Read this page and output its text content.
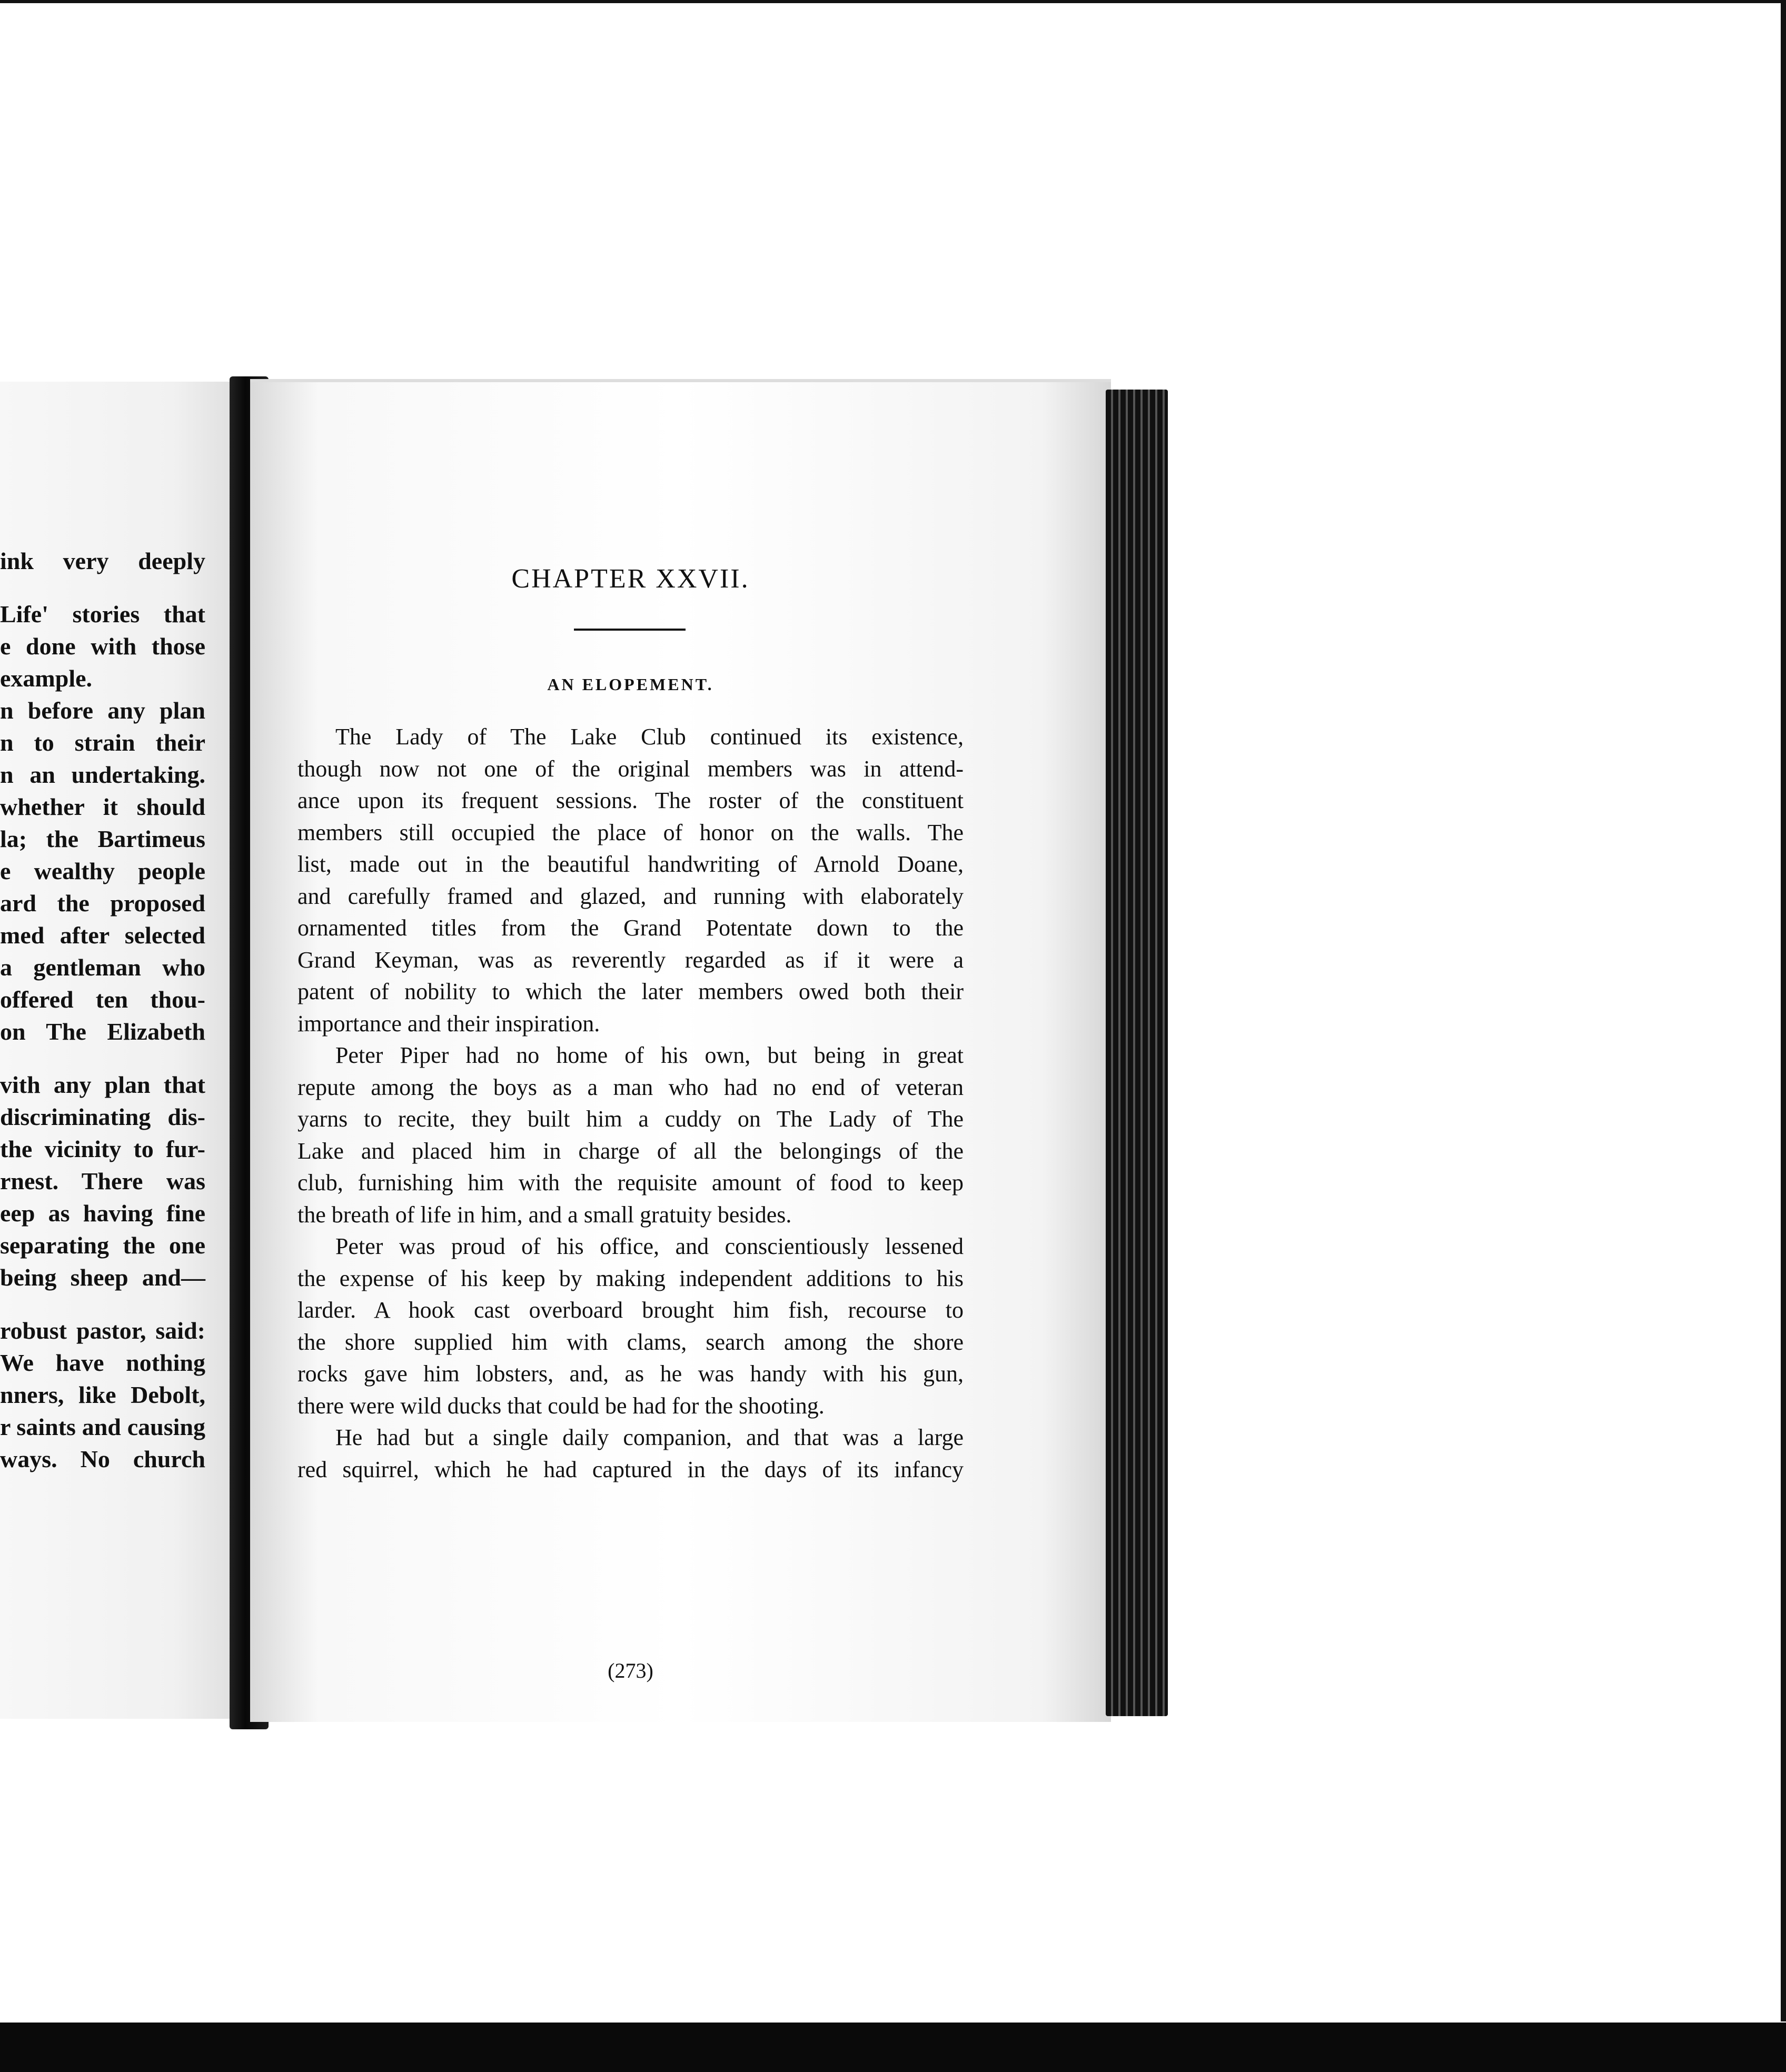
ink very deeply
Life' stories that
e done with those
example.
n before any plan
n to strain their
n an undertaking.
whether it should
la; the Bartimeus
e wealthy people
ard the proposed
med after selected
a gentleman who
offered ten thou-
on The Elizabeth
vith any plan that
discriminating dis-
the vicinity to fur-
rnest. There was
eep as having fine
separating the one
being sheep and—
robust pastor, said:
We have nothing
nners, like Debolt,
r saints and causing
ways. No church
CHAPTER XXVII.
AN ELOPEMENT.
The Lady of The Lake Club continued its existence,
though now not one of the original members was in attend-
ance upon its frequent sessions. The roster of the constituent
members still occupied the place of honor on the walls. The
list, made out in the beautiful handwriting of Arnold Doane,
and carefully framed and glazed, and running with elaborately
ornamented titles from the Grand Potentate down to the
Grand Keyman, was as reverently regarded as if it were a
patent of nobility to which the later members owed both their
importance and their inspiration.
Peter Piper had no home of his own, but being in great
repute among the boys as a man who had no end of veteran
yarns to recite, they built him a cuddy on The Lady of The
Lake and placed him in charge of all the belongings of the
club, furnishing him with the requisite amount of food to keep
the breath of life in him, and a small gratuity besides.
Peter was proud of his office, and conscientiously lessened
the expense of his keep by making independent additions to his
larder. A hook cast overboard brought him fish, recourse to
the shore supplied him with clams, search among the shore
rocks gave him lobsters, and, as he was handy with his gun,
there were wild ducks that could be had for the shooting.
He had but a single daily companion, and that was a large
red squirrel, which he had captured in the days of its infancy
(273)
